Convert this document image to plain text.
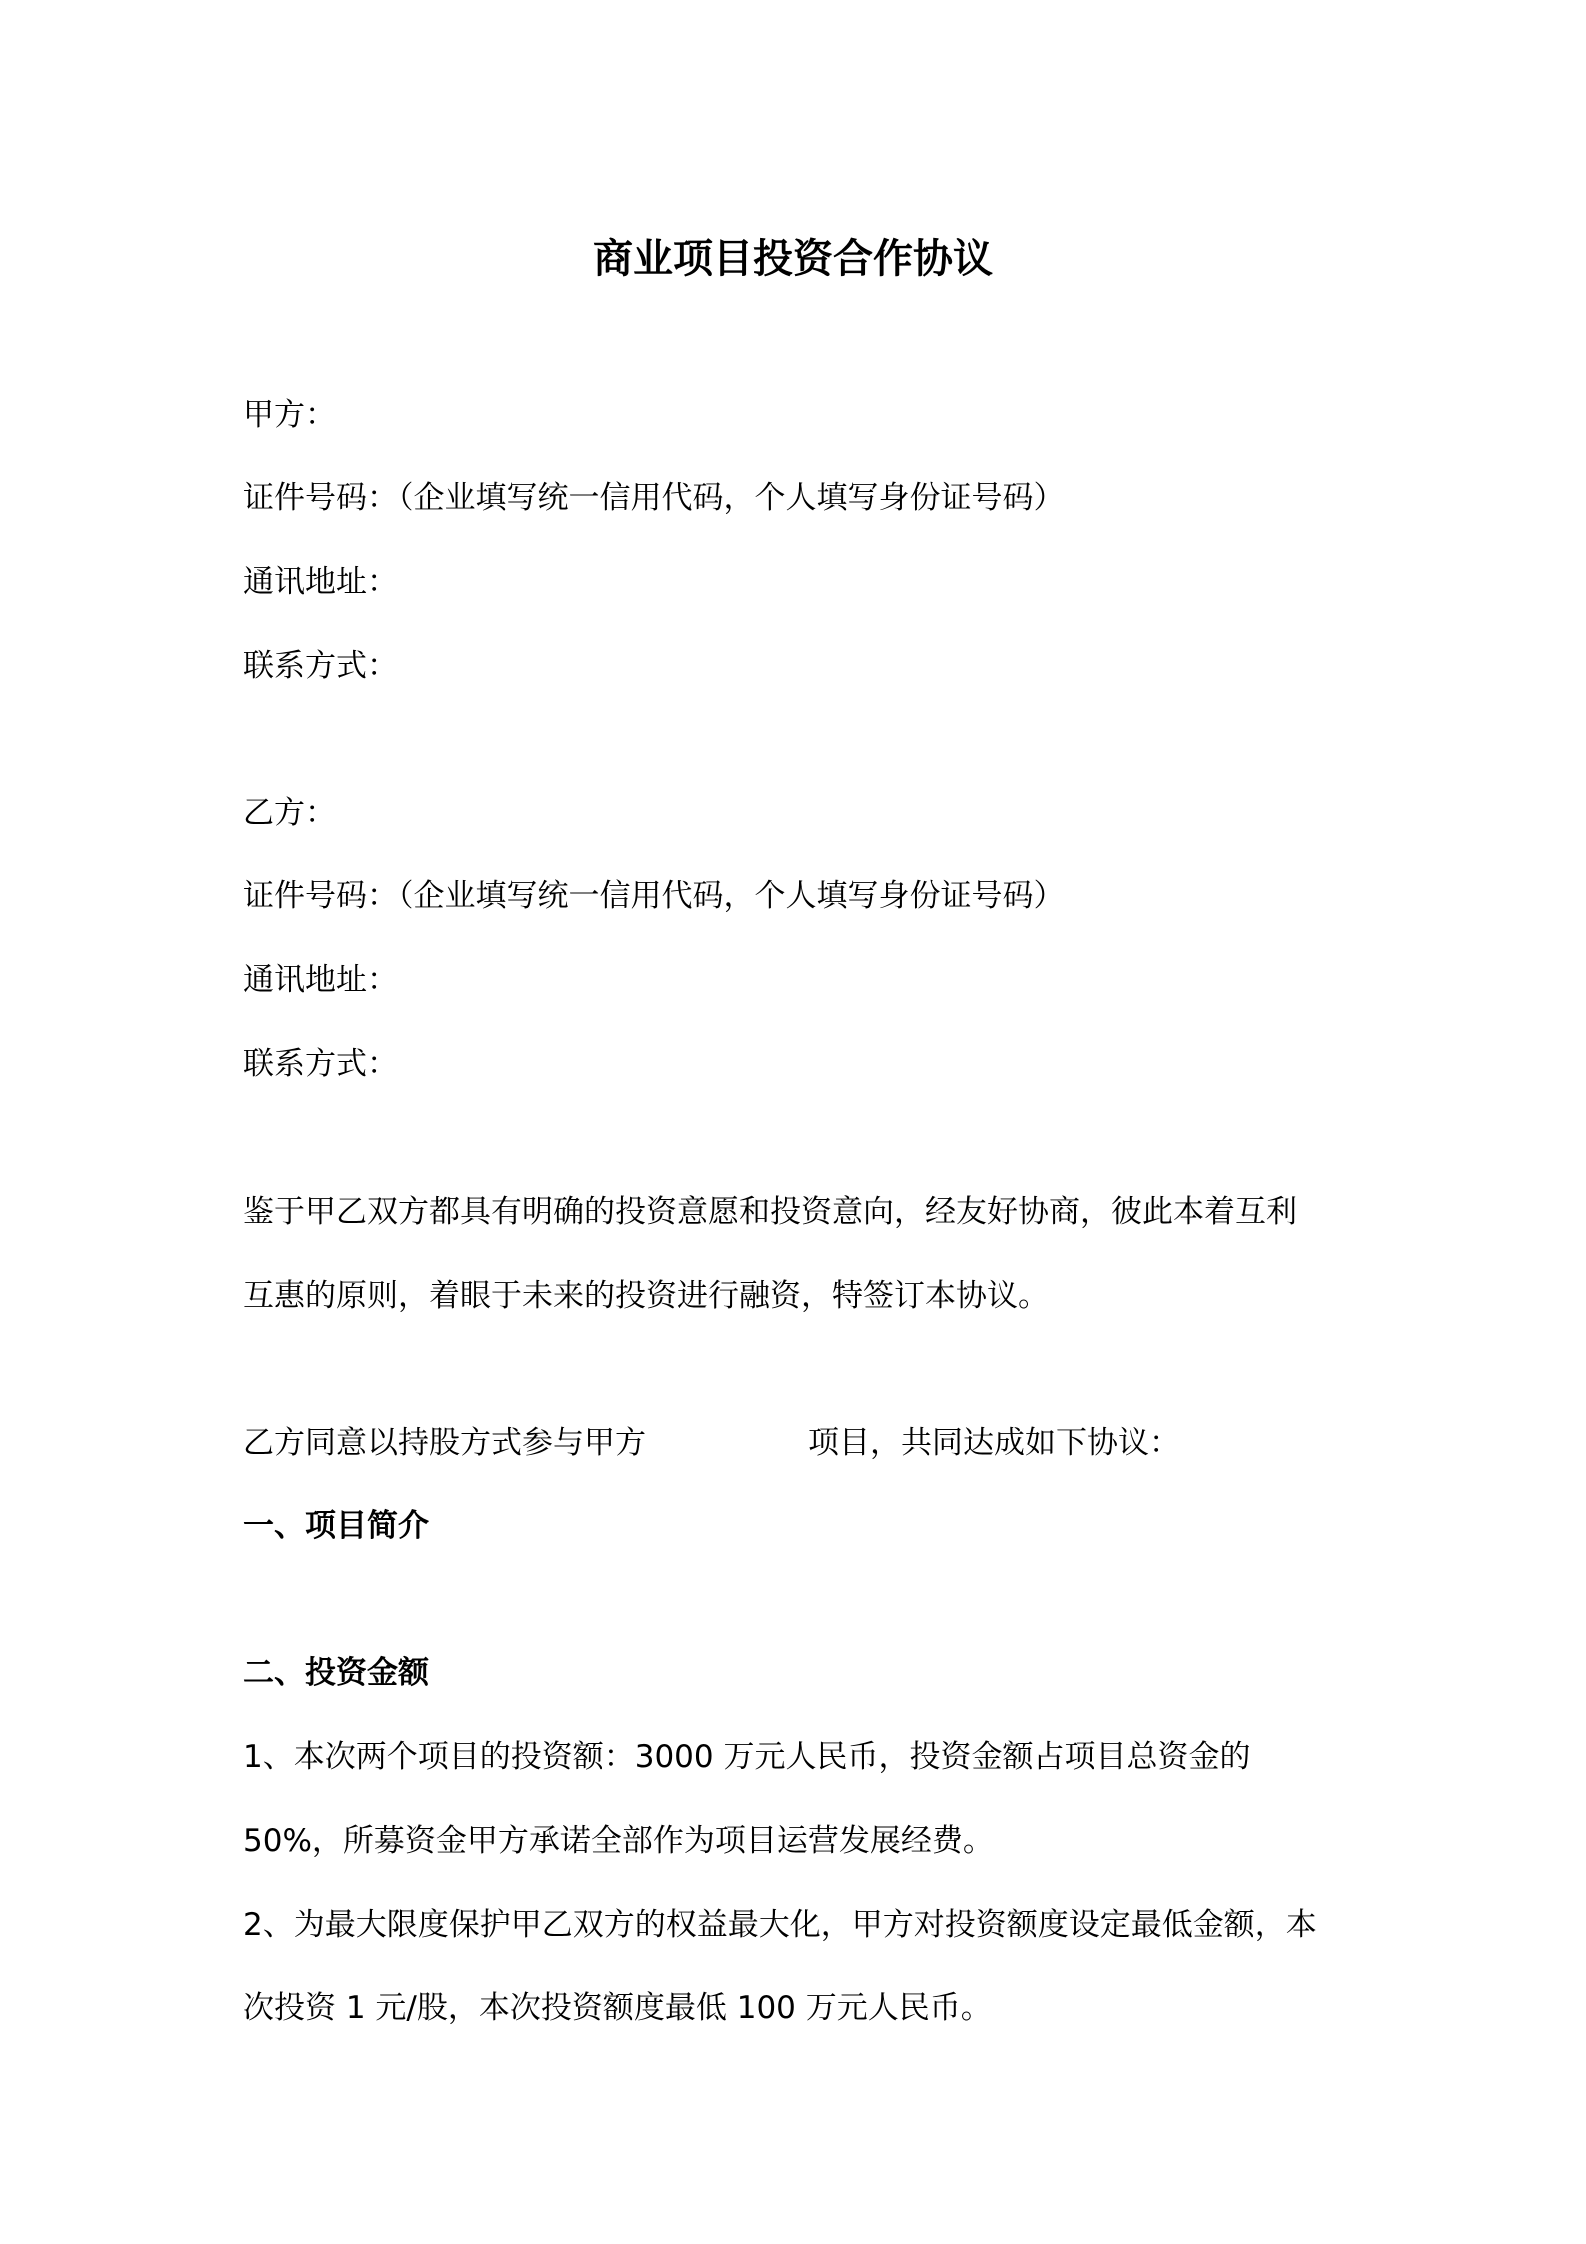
商业项目投资合作协议
甲方：
证件号码：（企业填写统一信用代码，个人填写身份证号码）
通讯地址：
联系方式：
乙方：
证件号码：（企业填写统一信用代码，个人填写身份证号码）
通讯地址：
联系方式：
鉴于甲乙双方都具有明确的投资意愿和投资意向，经友好协商，彼此本着互利
互惠的原则，着眼于未来的投资进行融资，特签订本协议。
乙方同意以持股方式参与甲方	项目，共同达成如下协议：
一、项目简介
二、投资金额
1、本次两个项目的投资额：3000 万元人民币，投资金额占项目总资金的
50%，所募资金甲方承诺全部作为项目运营发展经费。
2、为最大限度保护甲乙双方的权益最大化，甲方对投资额度设定最低金额，本
次投资 1 元/股，本次投资额度最低 100 万元人民币。
